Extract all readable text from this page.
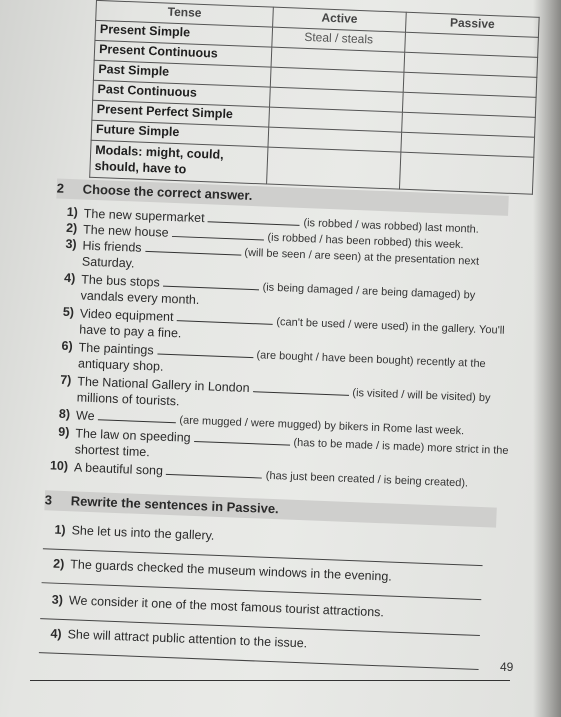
Tense	Active	Passive
Present Simple	Steal / steals	
Present Continuous		
Past Simple		
Past Continuous		
Present Perfect Simple		
Future Simple		
Modals: might, could, should, have to		
2 Choose the correct answer.
1) The new supermarket  (is robbed / was robbed) last month.

2) The new house  (is robbed / has been robbed) this week.

3) His friends  (will be seen / are seen) at the presentation next
Saturday.
4) The bus stops  (is being damaged / are being damaged) by
vandals every month.
5) Video equipment  (can't be used / were used) in the gallery. You'll
have to pay a fine.
6) The paintings  (are bought / have been bought) recently at the
antiquary shop.
7) The National Gallery in London  (is visited / will be visited) by
millions of tourists.
8) We	(are mugged / were mugged) by bikers in Rome last week.

9) The law on speeding  (has to be made / is made) more strict in the
shortest time.
10) A beautiful song  (has just been created / is being created).

3 Rewrite the sentences in Passive.
1) She let us into the gallery.
2) The guards checked the museum windows in the evening.
3) We consider it one of the most famous tourist attractions.
4) She will attract public attention to the issue.
49
